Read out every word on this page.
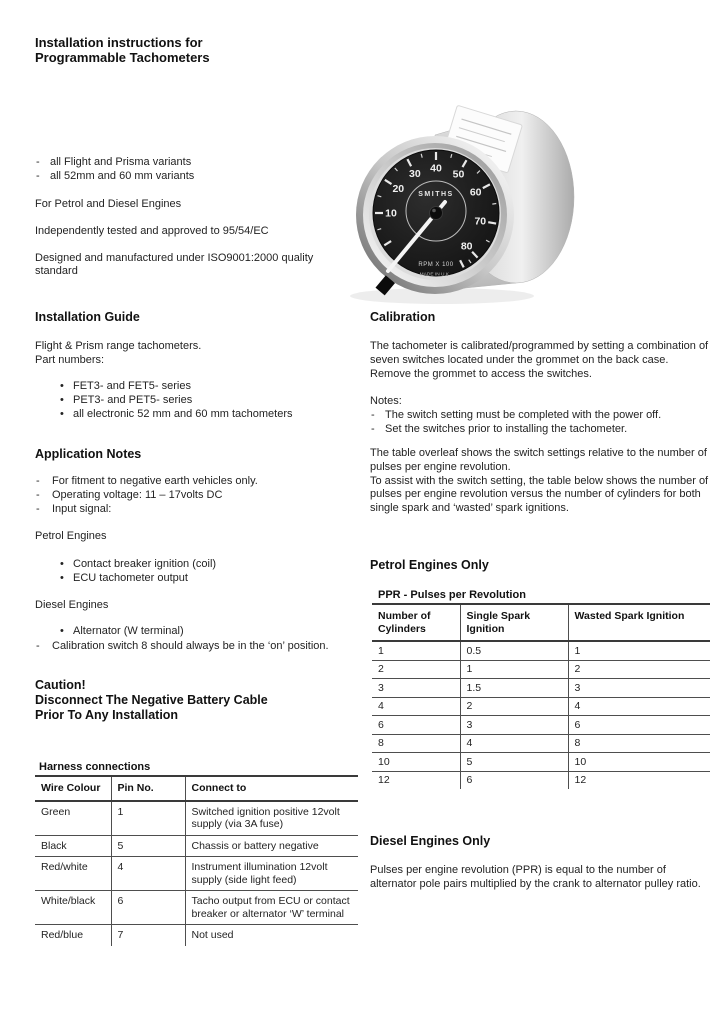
Installation instructions for
Programmable Tachometers
10
20
30 40 50
60
70
80
SMITHS
RPM X 100
MADE IN U.K.
- all Flight and Prisma variants
- all 52mm and 60 mm variants

For Petrol and Diesel Engines

Independently tested and approved to 95/54/EC

Designed and manufactured under ISO9001:2000 quality standard

Installation Guide
Flight & Prism range tachometers.
Part numbers:
• FET3- and FET5- series
• PET3- and PET5- series
• all electronic 52 mm and 60 mm tachometers
Application Notes
- For fitment to negative earth vehicles only.
- Operating voltage: 11 – 17volts DC
- Input signal:
Petrol Engines
• Contact breaker ignition (coil)
• ECU tachometer output
Diesel Engines
• Alternator (W terminal)
- Calibration switch 8 should always be in the ‘on’ position.
Caution!
Disconnect The Negative Battery Cable
Prior To Any Installation
Harness connections
Wire Colour	Pin No.	Connect to
Green	1	Switched ignition positive 12volt supply (via 3A fuse)
Black	5	Chassis or battery negative
Red/white	4	Instrument illumination 12volt supply (side light feed)
White/black	6	Tacho output from ECU or contact breaker or alternator ‘W’ terminal
Red/blue	7	Not used
Calibration

The tachometer is calibrated/programmed by setting a combination of seven switches located under the grommet on the back case. Remove the grommet to access the switches.

Notes:
- The switch setting must be completed with the power off.
- Set the switches prior to installing the tachometer.
The table overleaf shows the switch settings relative to the number of pulses per engine revolution.
To assist with the switch setting, the table below shows the number of pulses per engine revolution versus the number of cylinders for both single spark and ‘wasted’ spark ignitions.
Petrol Engines Only
PPR - Pulses per Revolution
Number of Cylinders	Single Spark Ignition	Wasted Spark Ignition
1	0.5	1
2	1	2
3	1.5	3
4	2	4
6	3	6
8	4	8
10	5	10
12	6	12
Diesel Engines Only

Pulses per engine revolution (PPR) is equal to the number of alternator pole pairs multiplied by the crank to alternator pulley ratio.
